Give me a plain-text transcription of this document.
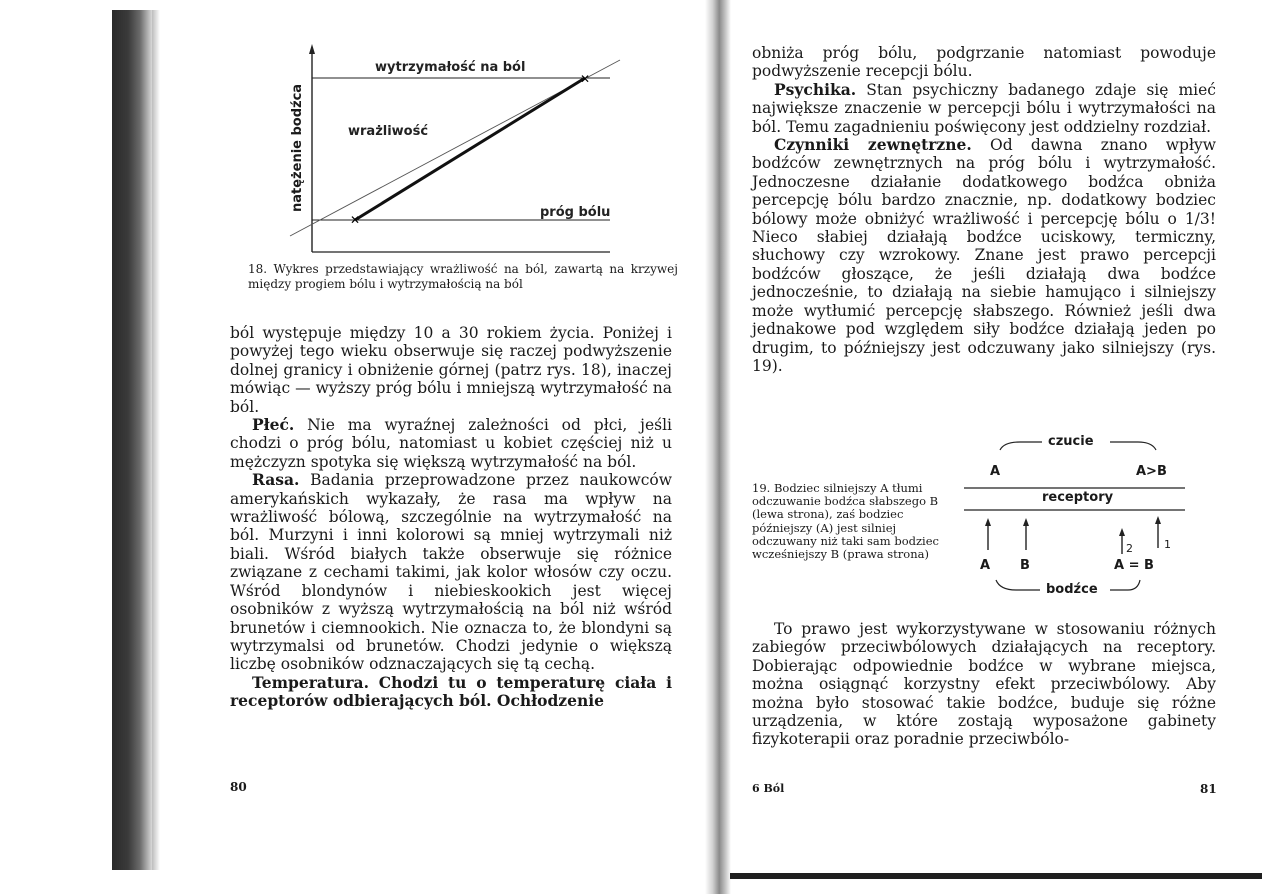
✕
✕
wytrzymałość na ból
wrażliwość
próg bólu
natężenie bodźca
18. Wykres przedstawiający wrażliwość na ból, zawartą na krzywej między progiem bólu i wytrzymałością na ból

ból występuje między 10 a 30 rokiem życia. Poniżej i powyżej tego wieku obserwuje się raczej podwyższenie dolnej granicy i obniżenie górnej (patrz rys. 18), inaczej mówiąc — wyższy próg bólu i mniejszą wytrzymałość na ból.

Płeć. Nie ma wyraźnej zależności od płci, jeśli chodzi o próg bólu, natomiast u kobiet częściej niż u mężczyzn spotyka się większą wytrzymałość na ból.

Rasa. Badania przeprowadzone przez naukowców amerykańskich wykazały, że rasa ma wpływ na wrażliwość bólową, szczególnie na wytrzymałość na ból. Murzyni i inni kolorowi są mniej wytrzymali niż biali. Wśród białych także obserwuje się różnice związane z cechami takimi, jak kolor włosów czy oczu. Wśród blondynów i niebieskookich jest więcej osobników z wyższą wytrzymałością na ból niż wśród brunetów i ciemnookich. Nie oznacza to, że blondyni są wytrzymalsi od brunetów. Chodzi jedynie o większą liczbę osobników odznaczających się tą cechą.

Temperatura. Chodzi tu o temperaturę ciała i receptorów odbierających ból. Ochłodzenie

80

obniża próg bólu, podgrzanie natomiast powoduje podwyższenie recepcji bólu.

Psychika. Stan psychiczny badanego zdaje się mieć największe znaczenie w percepcji bólu i wytrzymałości na ból. Temu zagadnieniu poświęcony jest oddzielny rozdział.

Czynniki zewnętrzne. Od dawna znano wpływ bodźców zewnętrznych na próg bólu i wytrzymałość. Jednoczesne działanie dodatkowego bodźca obniża percepcję bólu bardzo znacznie, np. dodatkowy bodziec bólowy może obniżyć wrażliwość i percepcję bólu o 1/3! Nieco słabiej działają bodźce uciskowy, termiczny, słuchowy czy wzrokowy. Znane jest prawo percepcji bodźców głoszące, że jeśli działają dwa bodźce jednocześnie, to działają na siebie hamująco i silniejszy może wytłumić percepcję słabszego. Również jeśli dwa jednakowe pod względem siły bodźce działają jeden po drugim, to późniejszy jest odczuwany jako silniejszy (rys. 19).

19. Bodziec silniejszy A tłumi odczuwanie bodźca słabszego B (lewa strona), zaś bodziec późniejszy (A) jest silniej odczuwany niż taki sam bodziec wcześniejszy B (prawa strona)
czucie
A	A>B
receptory
A B	A = B
2	1
bodźce

To prawo jest wykorzystywane w stosowaniu różnych zabiegów przeciwbólowych działających na receptory. Dobierając odpowiednie bodźce w wybrane miejsca, można osiągnąć korzystny efekt przeciwbólowy. Aby można było stosować takie bodźce, buduje się różne urządzenia, w które zostają wyposażone gabinety fizykoterapii oraz poradnie przeciwbólo-

6 Ból	81
